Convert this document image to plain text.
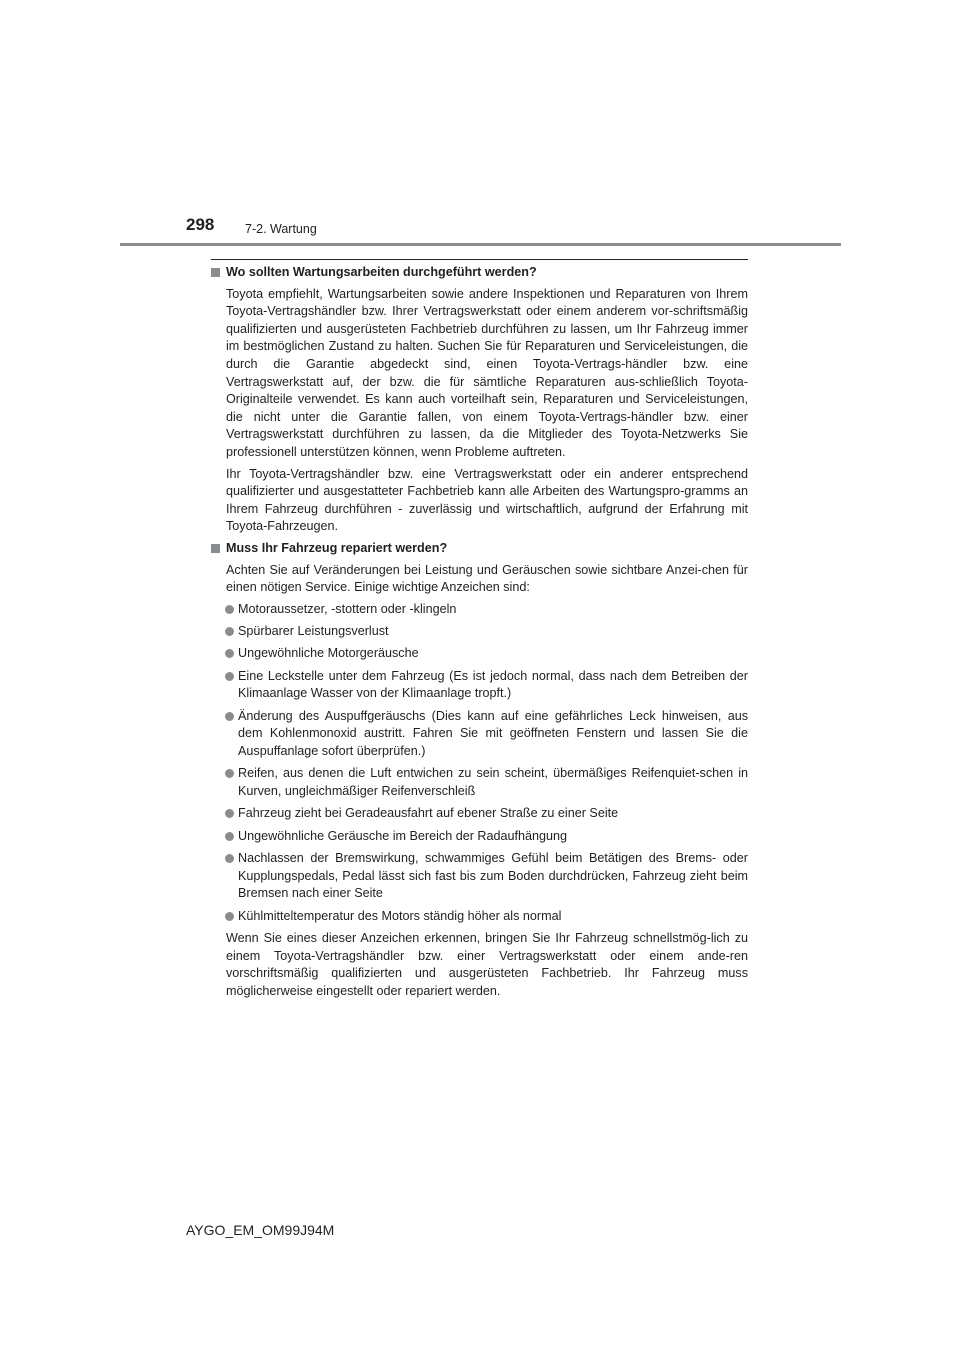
298 7-2. Wartung
Wo sollten Wartungsarbeiten durchgeführt werden?

Toyota empfiehlt, Wartungsarbeiten sowie andere Inspektionen und Reparaturen von Ihrem Toyota-Vertragshändler bzw. Ihrer Vertragswerkstatt oder einem anderem vor-schriftsmäßig qualifizierten und ausgerüsteten Fachbetrieb durchführen zu lassen, um Ihr Fahrzeug immer im bestmöglichen Zustand zu halten. Suchen Sie für Reparaturen und Serviceleistungen, die durch die Garantie abgedeckt sind, einen Toyota-Vertrags-händler bzw. eine Vertragswerkstatt auf, der bzw. die für sämtliche Reparaturen aus-schließlich Toyota-Originalteile verwendet. Es kann auch vorteilhaft sein, Reparaturen und Serviceleistungen, die nicht unter die Garantie fallen, von einem Toyota-Vertrags-händler bzw. einer Vertragswerkstatt durchführen zu lassen, da die Mitglieder des Toyota-Netzwerks Sie professionell unterstützen können, wenn Probleme auftreten.

Ihr Toyota-Vertragshändler bzw. eine Vertragswerkstatt oder ein anderer entsprechend qualifizierter und ausgestatteter Fachbetrieb kann alle Arbeiten des Wartungspro-gramms an Ihrem Fahrzeug durchführen - zuverlässig und wirtschaftlich, aufgrund der Erfahrung mit Toyota-Fahrzeugen.

Muss Ihr Fahrzeug repariert werden?

Achten Sie auf Veränderungen bei Leistung und Geräuschen sowie sichtbare Anzei-chen für einen nötigen Service. Einige wichtige Anzeichen sind:

Motoraussetzer, -stottern oder -klingeln
Spürbarer Leistungsverlust
Ungewöhnliche Motorgeräusche
Eine Leckstelle unter dem Fahrzeug (Es ist jedoch normal, dass nach dem Betreiben der Klimaanlage Wasser von der Klimaanlage tropft.)
Änderung des Auspuffgeräuschs (Dies kann auf eine gefährliches Leck hinweisen, aus dem Kohlenmonoxid austritt. Fahren Sie mit geöffneten Fenstern und lassen Sie die Auspuffanlage sofort überprüfen.)
Reifen, aus denen die Luft entwichen zu sein scheint, übermäßiges Reifenquiet-schen in Kurven, ungleichmäßiger Reifenverschleiß
Fahrzeug zieht bei Geradeausfahrt auf ebener Straße zu einer Seite
Ungewöhnliche Geräusche im Bereich der Radaufhängung
Nachlassen der Bremswirkung, schwammiges Gefühl beim Betätigen des Brems- oder Kupplungspedals, Pedal lässt sich fast bis zum Boden durchdrücken, Fahrzeug zieht beim Bremsen nach einer Seite
Kühlmitteltemperatur des Motors ständig höher als normal

Wenn Sie eines dieser Anzeichen erkennen, bringen Sie Ihr Fahrzeug schnellstmög-lich zu einem Toyota-Vertragshändler bzw. einer Vertragswerkstatt oder einem ande-ren vorschriftsmäßig qualifizierten und ausgerüsteten Fachbetrieb. Ihr Fahrzeug muss möglicherweise eingestellt oder repariert werden.

AYGO_EM_OM99J94M
